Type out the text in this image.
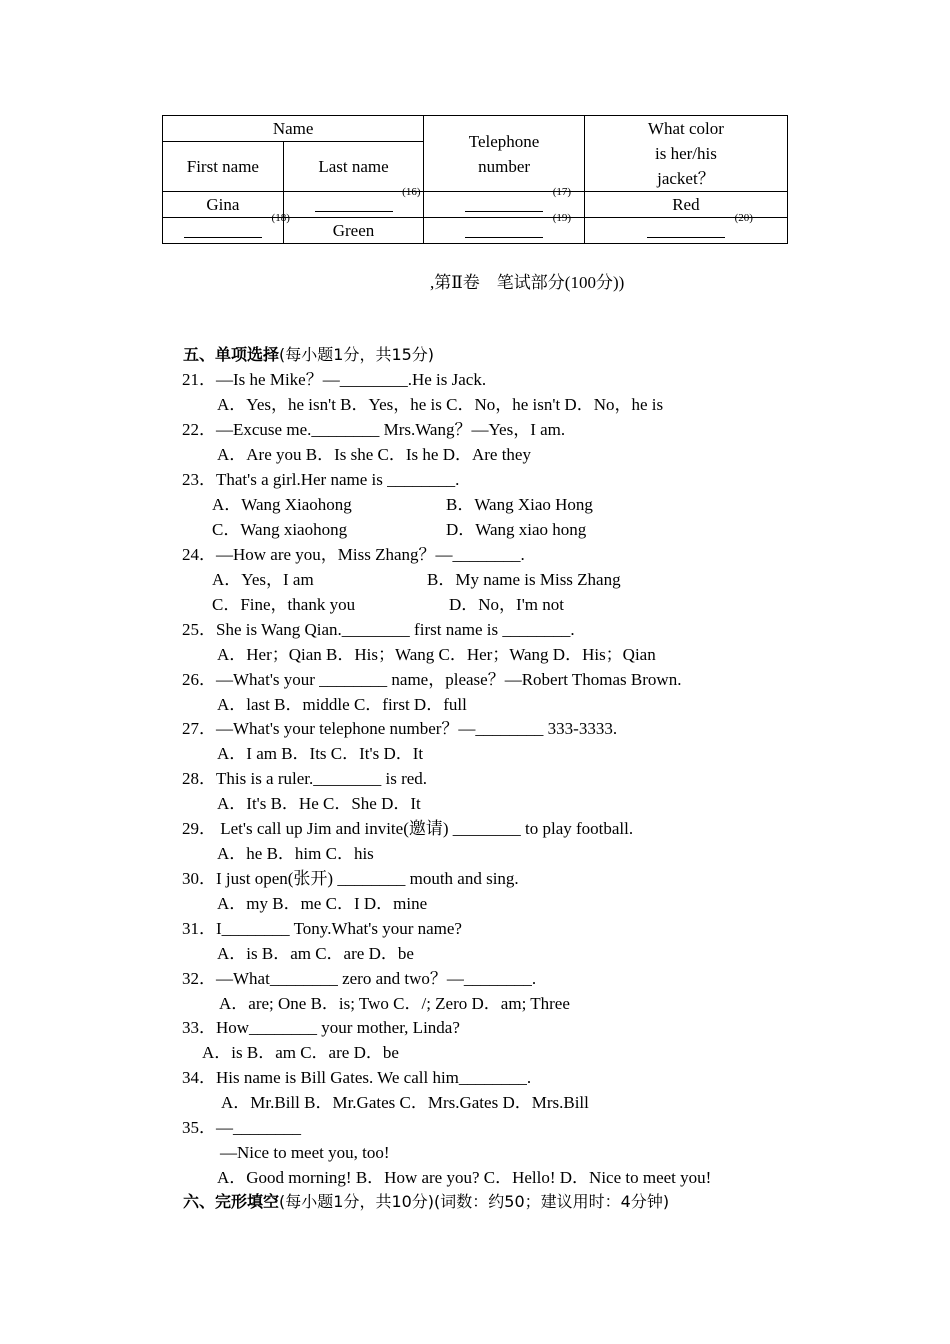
Name		Telephone number	What color
is her/his
jacket？

First name	Last name		
Gina	(16)	(17)	Red

(18)	Green	(19)	(20)
,第Ⅱ卷　笔试部分(100分))
五、单项选择(每小题1分，共15分)
21．—Is he Mike？—________.He is Jack.
A．Yes，he isn't B．Yes，he is C．No，he isn't D．No，he is
22．—Excuse me.________ Mrs.Wang？—Yes，I am.
A．Are you B．Is she C．Is he D．Are they
23．That's a girl.Her name is ________.
A．Wang Xiaohong	B．Wang Xiao Hong
C．Wang xiaohong	D．Wang xiao hong
24．—How are you，Miss Zhang？—________.
A．Yes，I am	B．My name is Miss Zhang
C．Fine，thank you	D．No，I'm not
25．She is Wang Qian.________ first name is ________.
A．Her；Qian B．His；Wang C．Her；Wang D．His；Qian
26．—What's your ________ name，please？—Robert Thomas Brown.
A．last B．middle C．first D．full
27．—What's your telephone number？—________ 333-3333.
A．I am B．Its C．It's D．It
28．This is a ruler.________ is red.
A．It's B．He C．She D．It
29． Let's call up Jim and invite(邀请) ________ to play football.
A．he B．him C．his
30．I just open(张开) ________ mouth and sing.
A．my B．me C．I D．mine
31．I________ Tony.What's your name?
A．is B．am C．are D．be
32．—What________ zero and two？—________.
A．are; One B．is; Two C．/; Zero D．am; Three
33．How________ your mother, Linda?
A．is B．am C．are D．be
34．His name is Bill Gates. We call him________.
A．Mr.Bill B．Mr.Gates C．Mrs.Gates D．Mrs.Bill
35．—________
—Nice to meet you, too!
A．Good morning! B．How are you? C．Hello! D．Nice to meet you!
六、完形填空(每小题1分，共10分)(词数：约50；建议用时：4分钟)
